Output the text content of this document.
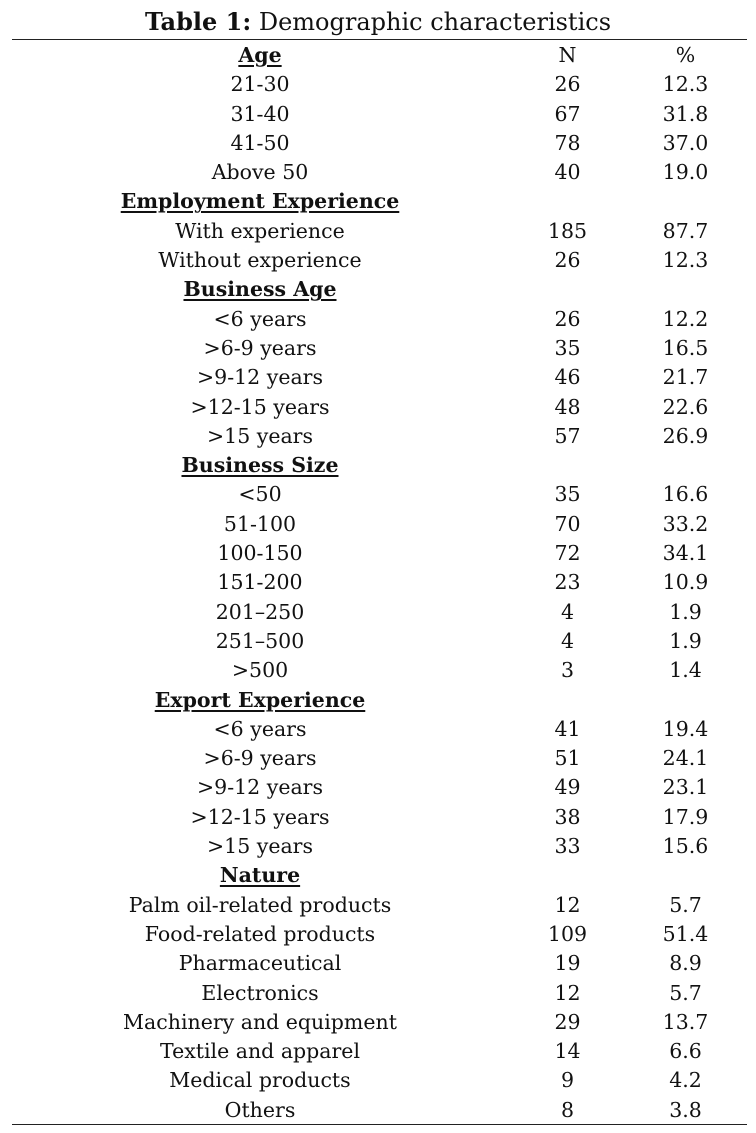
Table 1: Demographic characteristics
Age	N	%
21-30	26	12.3
31-40	67	31.8
41-50	78	37.0
Above 50	40	19.0
Employment Experience		
With experience	185	87.7
Without experience	26	12.3
Business Age		
<6 years	26	12.2
>6-9 years	35	16.5
>9-12 years	46	21.7
>12-15 years	48	22.6
>15 years	57	26.9
Business Size		
<50	35	16.6
51-100	70	33.2
100-150	72	34.1
151-200	23	10.9
201–250	4	1.9
251–500	4	1.9
>500	3	1.4
Export Experience		
<6 years	41	19.4
>6-9 years	51	24.1
>9-12 years	49	23.1
>12-15 years	38	17.9
>15 years	33	15.6
Nature		
Palm oil-related products	12	5.7
Food-related products	109	51.4
Pharmaceutical	19	8.9
Electronics	12	5.7
Machinery and equipment	29	13.7
Textile and apparel	14	6.6
Medical products	9	4.2
Others	8	3.8
